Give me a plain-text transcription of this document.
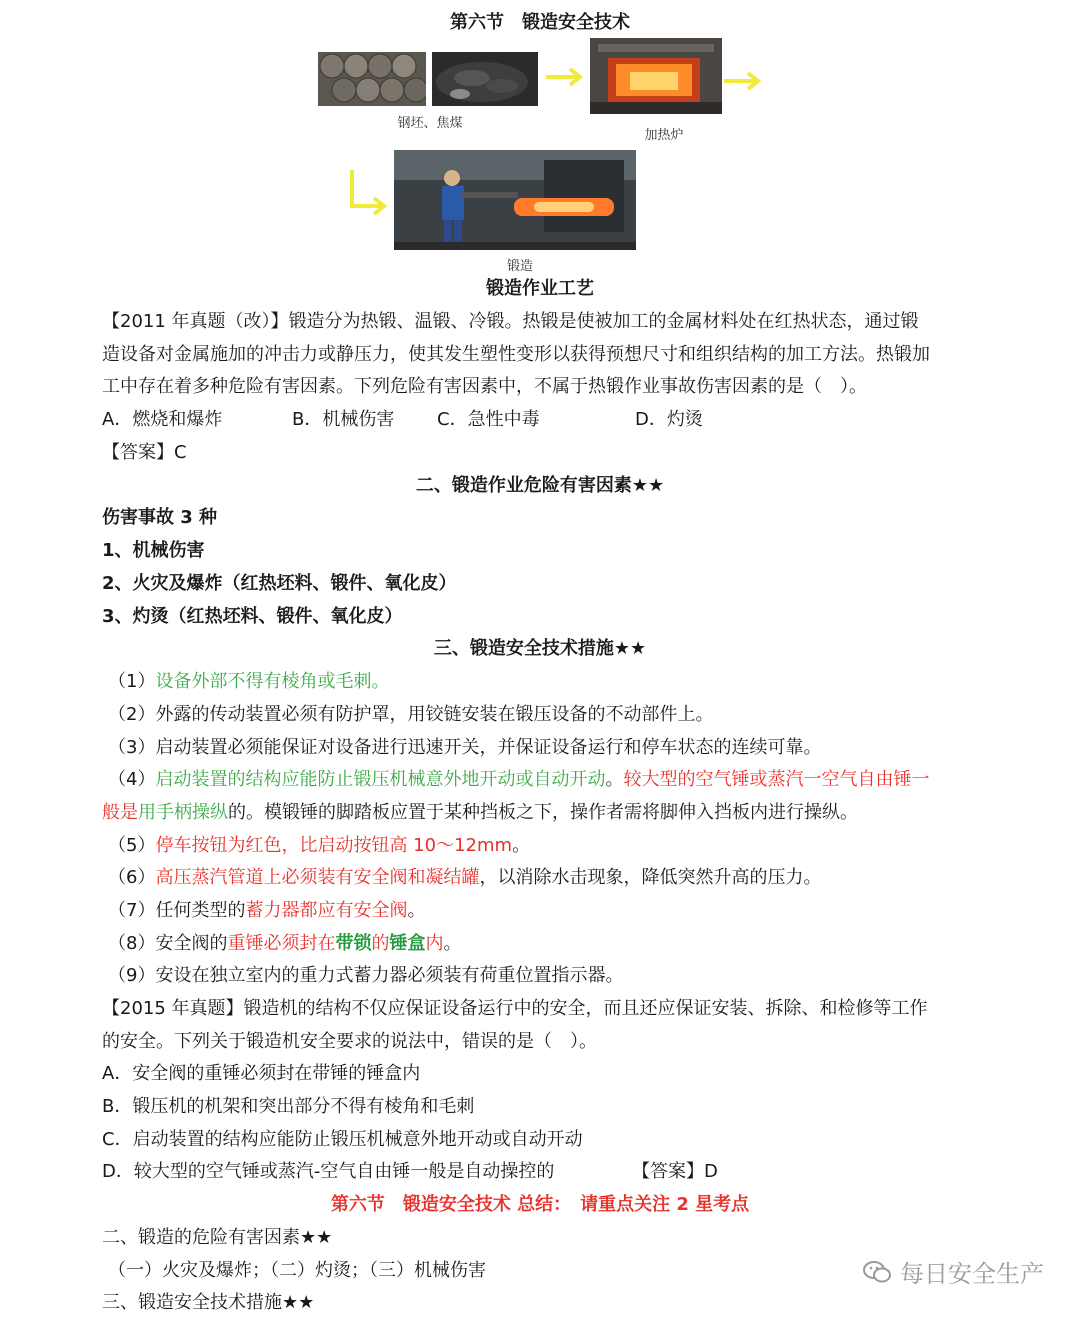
第六节　锻造安全技术
钢坯、焦煤
加热炉
锻造
锻造作业工艺
【2011 年真题（改）】锻造分为热锻、温锻、冷锻。热锻是使被加工的金属材料处在红热状态，通过锻
造设备对金属施加的冲击力或静压力，使其发生塑性变形以获得预想尺寸和组织结构的加工方法。热锻加
工中存在着多种危险有害因素。下列危险有害因素中，不属于热锻作业事故伤害因素的是（　）。
A．燃烧和爆炸	B．机械伤害 C．急性中毒	D．灼烫
【答案】C
二、锻造作业危险有害因素★★
伤害事故 3 种
1、机械伤害
2、火灾及爆炸（红热坯料、锻件、氧化皮）
3、灼烫（红热坯料、锻件、氧化皮）
三、锻造安全技术措施★★
（1）设备外部不得有棱角或毛刺。
（2）外露的传动装置必须有防护罩，用铰链安装在锻压设备的不动部件上。
（3）启动装置必须能保证对设备进行迅速开关，并保证设备运行和停车状态的连续可靠。
（4）启动装置的结构应能防止锻压机械意外地开动或自动开动。较大型的空气锤或蒸汽一空气自由锤一
般是用手柄操纵的。模锻锤的脚踏板应置于某种挡板之下，操作者需将脚伸入挡板内进行操纵。
（5）停车按钮为红色，比启动按钮高 10～12mm。
（6）高压蒸汽管道上必须装有安全阀和凝结罐，以消除水击现象，降低突然升高的压力。
（7）任何类型的蓄力器都应有安全阀。
（8）安全阀的重锤必须封在带锁的锤盒内。
（9）安设在独立室内的重力式蓄力器必须装有荷重位置指示器。
【2015 年真题】锻造机的结构不仅应保证设备运行中的安全，而且还应保证安装、拆除、和检修等工作
的安全。下列关于锻造机安全要求的说法中，错误的是（　）。
A．安全阀的重锤必须封在带锤的锤盒内
B．锻压机的机架和突出部分不得有棱角和毛刺
C．启动装置的结构应能防止锻压机械意外地开动或自动开动
D．较大型的空气锤或蒸汽-空气自由锤一般是自动操控的	【答案】D
第六节　锻造安全技术 总结：　请重点关注 2 星考点
二、锻造的危险有害因素★★
（一）火灾及爆炸；（二）灼烫；（三）机械伤害
三、锻造安全技术措施★★
每日安全生产
